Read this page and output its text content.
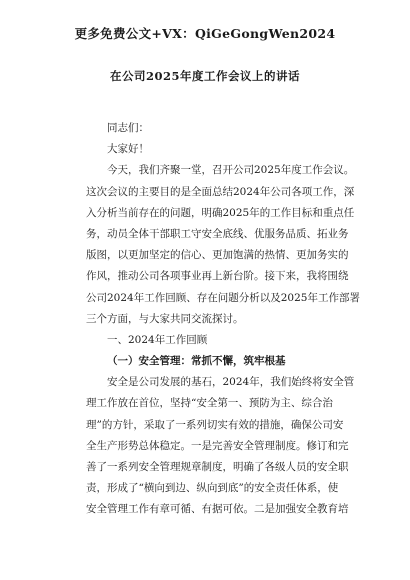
更多免费公文+VX：QiGeGongWen2024
在公司2025年度工作会议上的讲话
同志们：
大家好！
今天，我们齐聚一堂，召开公司2025年度工作会议。
这次会议的主要目的是全面总结2024年公司各项工作，深
入分析当前存在的问题，明确2025年的工作目标和重点任
务，动员全体干部职工守安全底线、优服务品质、拓业务
版图，以更加坚定的信心、更加饱满的热情、更加务实的
作风，推动公司各项事业再上新台阶。接下来，我将围绕
公司2024年工作回顾、存在问题分析以及2025年工作部署
三个方面，与大家共同交流探讨。
一、2024年工作回顾
（一）安全管理：常抓不懈，筑牢根基
安全是公司发展的基石，2024年，我们始终将安全管
理工作放在首位，坚持“安全第一、预防为主、综合治
理”的方针，采取了一系列切实有效的措施，确保公司安
全生产形势总体稳定。一是完善安全管理制度。修订和完
善了一系列安全管理规章制度，明确了各级人员的安全职
责，形成了“横向到边、纵向到底”的安全责任体系，使
安全管理工作有章可循、有据可依。二是加强安全教育培
